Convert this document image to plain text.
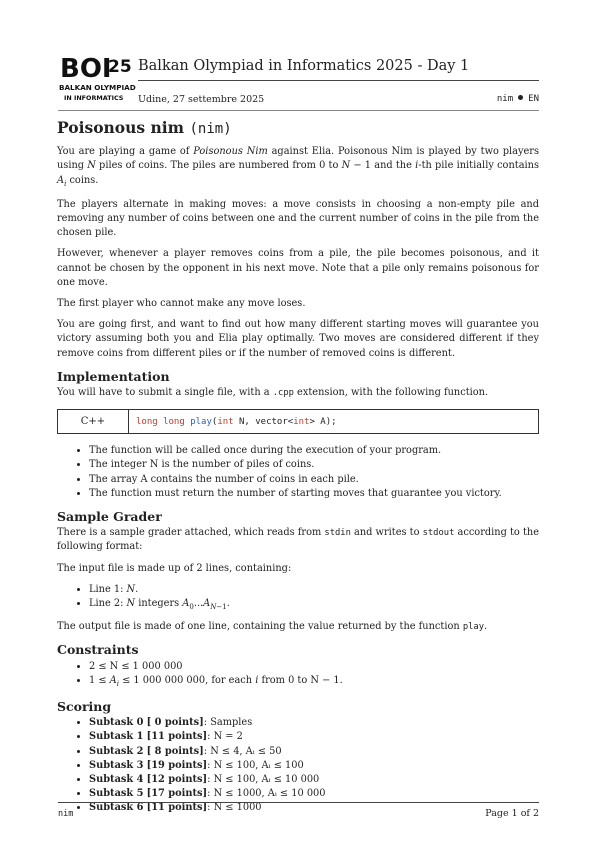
BOI
25
BALKAN OLYMPIAD
IN INFORMATICS
Balkan Olympiad in Informatics 2025 - Day 1
Udine, 27 settembre 2025	nim EN
Poisonous nim (nim)

You are playing a game of Poisonous Nim against Elia. Poisonous Nim is played by two players using N piles of coins. The piles are numbered from 0 to N − 1 and the i-th pile initially contains $A_i$ coins.

The players alternate in making moves: a move consists in choosing a non-empty pile and removing any number of coins between one and the current number of coins in the pile from the chosen pile.

However, whenever a player removes coins from a pile, the pile becomes poisonous, and it cannot be chosen by the opponent in his next move. Note that a pile only remains poisonous for one move.

The first player who cannot make any move loses.

You are going first, and want to find out how many different starting moves will guarantee you victory assuming both you and Elia play optimally. Two moves are considered different if they remove coins from different piles or if the number of removed coins is different.

Implementation

You will have to submit a single file, with a .cpp extension, with the following function.

C++	long long play(int N, vector<int> A);
• The function will be called once during the execution of your program.
• The integer N is the number of piles of coins.
• The array A contains the number of coins in each pile.
• The function must return the number of starting moves that guarantee you victory.
Sample Grader

There is a sample grader attached, which reads from stdin and writes to stdout according to the following format:

The input file is made up of 2 lines, containing:

• Line 1: N.
• Line 2: N integers $A_0...A_{N-1}$.

The output file is made of one line, containing the value returned by the function play.

Constraints
• 2 ≤ N ≤ 1 000 000
• $1 \le A_i \le 1$ 000 000 000, for each i from 0 to N − 1.
Scoring
• Subtask 0 [ 0 points]: Samples
• Subtask 1 [11 points]: N = 2
• Subtask 2 [ 8 points]: N ≤ 4, Aᵢ ≤ 50
• Subtask 3 [19 points]: N ≤ 100, Aᵢ ≤ 100
• Subtask 4 [12 points]: N ≤ 100, Aᵢ ≤ 10 000
• Subtask 5 [17 points]: N ≤ 1000, Aᵢ ≤ 10 000
• Subtask 6 [11 points]: N ≤ 1000
nim	Page 1 of 2
